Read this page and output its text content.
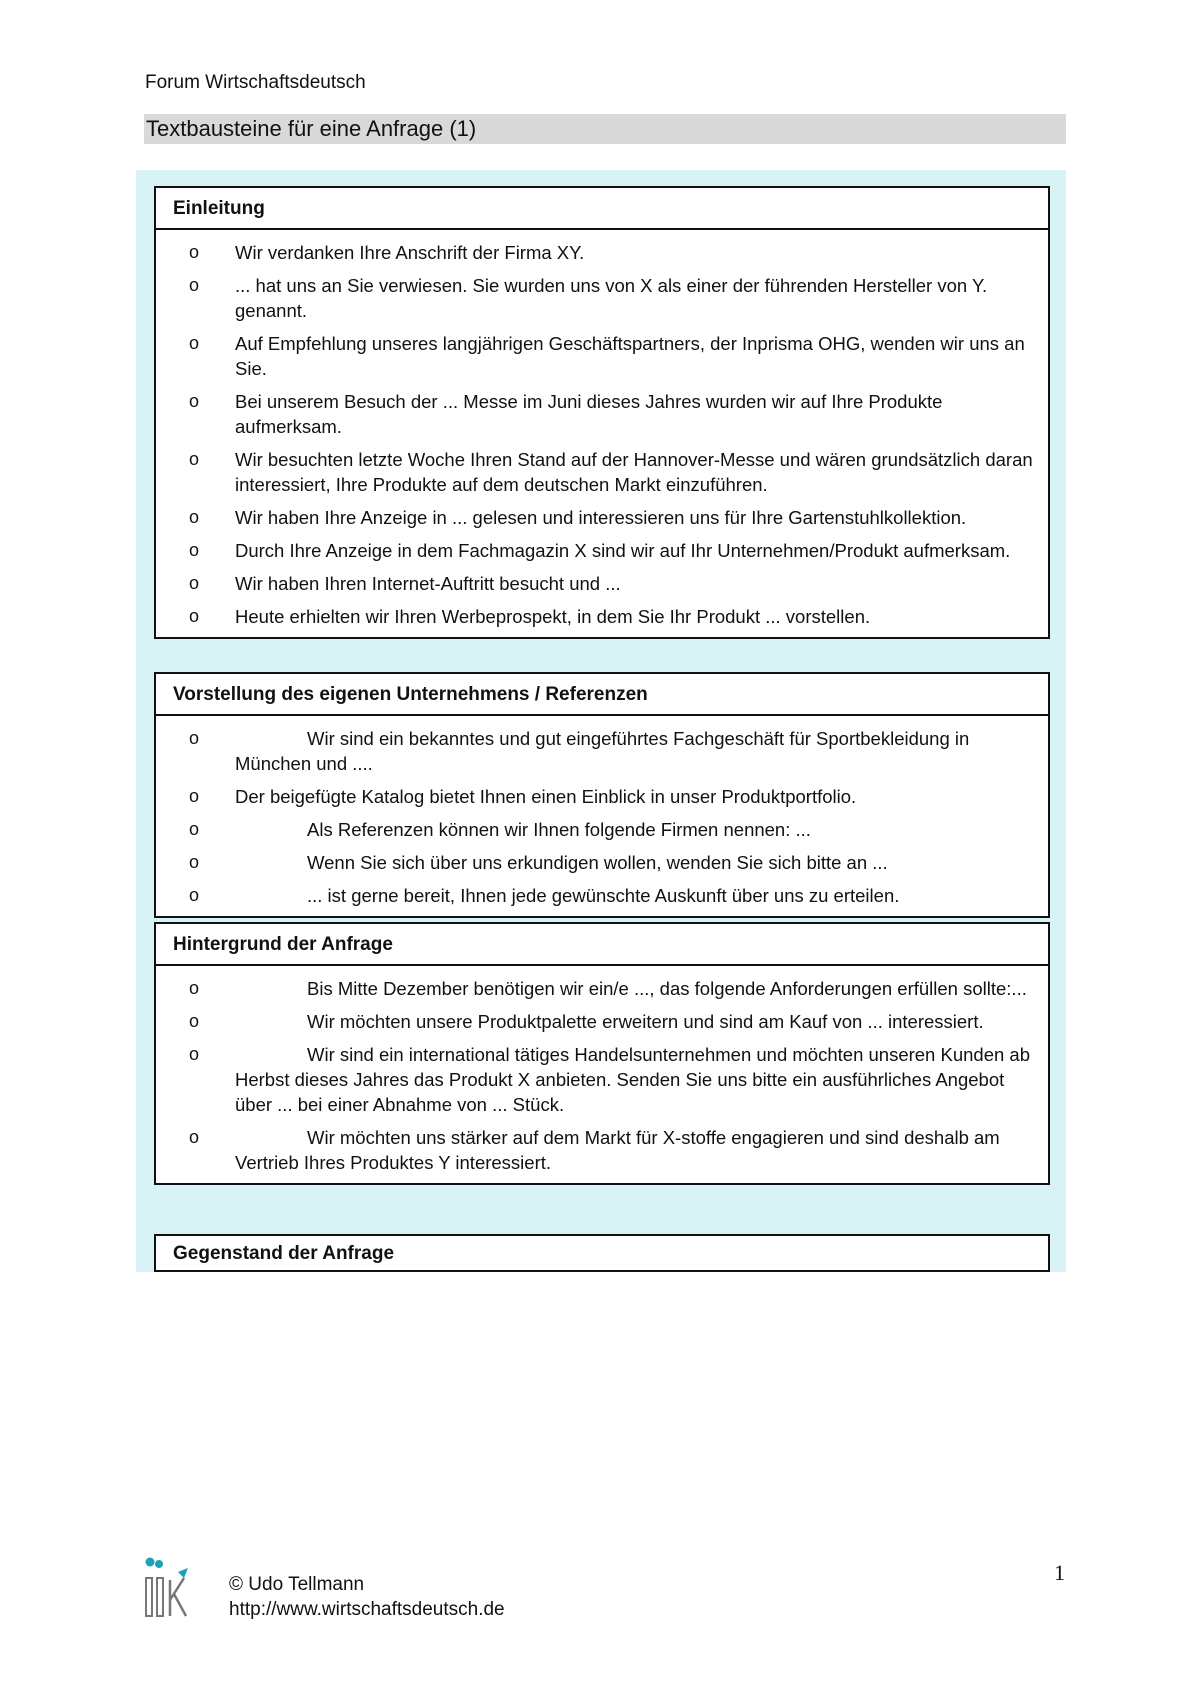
Forum Wirtschaftsdeutsch
Textbausteine für eine Anfrage (1)
Einleitung
o Wir verdanken Ihre Anschrift der Firma XY.
o ... hat uns an Sie verwiesen. Sie wurden uns von X als einer der führenden Hersteller von Y. genannt.
o Auf Empfehlung unseres langjährigen Geschäftspartners, der Inprisma OHG, wenden wir uns an Sie.
o Bei unserem Besuch der ... Messe im Juni dieses Jahres wurden wir auf Ihre Produkte aufmerksam.
o Wir besuchten letzte Woche Ihren Stand auf der Hannover-Messe und wären grundsätzlich daran interessiert, Ihre Produkte auf dem deutschen Markt einzuführen.
o Wir haben Ihre Anzeige in ... gelesen und interessieren uns für Ihre Gartenstuhlkollektion.
o Durch Ihre Anzeige in dem Fachmagazin X sind wir auf Ihr Unternehmen/Produkt aufmerksam.
o Wir haben Ihren Internet-Auftritt besucht und ...
o Heute erhielten wir Ihren Werbeprospekt, in dem Sie Ihr Produkt ... vorstellen.
Vorstellung des eigenen Unternehmens / Referenzen
o	Wir sind ein bekanntes und gut eingeführtes Fachgeschäft für Sportbekleidung in München und ....
o Der beigefügte Katalog bietet Ihnen einen Einblick in unser Produktportfolio.
o	Als Referenzen können wir Ihnen folgende Firmen nennen: ...
o	Wenn Sie sich über uns erkundigen wollen, wenden Sie sich bitte an ...
o	... ist gerne bereit, Ihnen jede gewünschte Auskunft über uns zu erteilen.
Hintergrund der Anfrage
o	Bis Mitte Dezember benötigen wir ein/e ..., das folgende Anforderungen erfüllen sollte:...
o	Wir möchten unsere Produktpalette erweitern und sind am Kauf von ... interessiert.
o	Wir sind ein international tätiges Handelsunternehmen und möchten unseren Kunden ab Herbst dieses Jahres das Produkt X anbieten. Senden Sie uns bitte ein ausführliches Angebot über ... bei einer Abnahme von ... Stück.
o	Wir möchten uns stärker auf dem Markt für X-stoffe engagieren und sind deshalb am Vertrieb Ihres Produktes Y interessiert.
Gegenstand der Anfrage
© Udo Tellmann
http://www.wirtschaftsdeutsch.de
1
